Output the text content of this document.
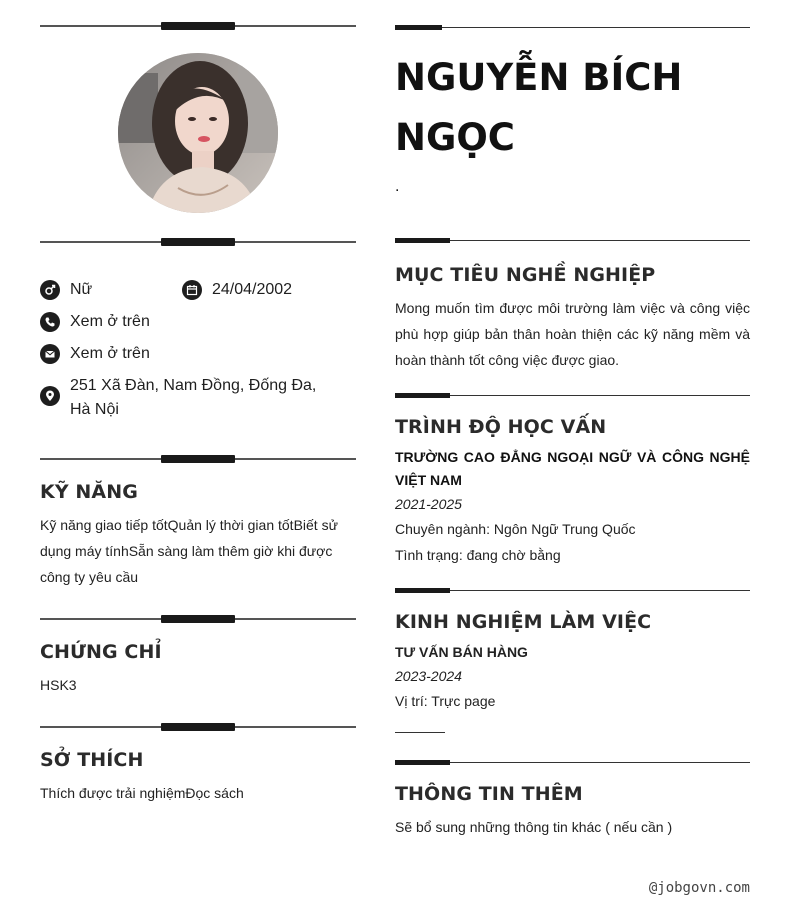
Nữ	24/04/2002
Xem ở trên
Xem ở trên
251 Xã Đàn, Nam Đồng, Đống Đa, Hà Nội
KỸ NĂNG
Kỹ năng giao tiếp tốtQuản lý thời gian tốtBiết sử dụng máy tínhSẵn sàng làm thêm giờ khi được công ty yêu cầu
CHỨNG CHỈ
HSK3
SỞ THÍCH
Thích được trải nghiệmĐọc sách
NGUYỄN BÍCH NGỌC
.
MỤC TIÊU NGHỀ NGHIỆP
Mong muốn tìm được môi trường làm việc và công việc phù hợp giúp bản thân hoàn thiện các kỹ năng mềm và hoàn thành tốt công việc được giao.
TRÌNH ĐỘ HỌC VẤN
TRƯỜNG CAO ĐẲNG NGOẠI NGỮ VÀ CÔNG NGHỆ VIỆT NAM
2021-2025
Chuyên ngành: Ngôn Ngữ Trung Quốc
Tình trạng: đang chờ bằng
KINH NGHIỆM LÀM VIỆC
TƯ VẤN BÁN HÀNG
2023-2024
Vị trí: Trực page
THÔNG TIN THÊM
Sẽ bổ sung những thông tin khác ( nếu cần )
@jobgovn.com
